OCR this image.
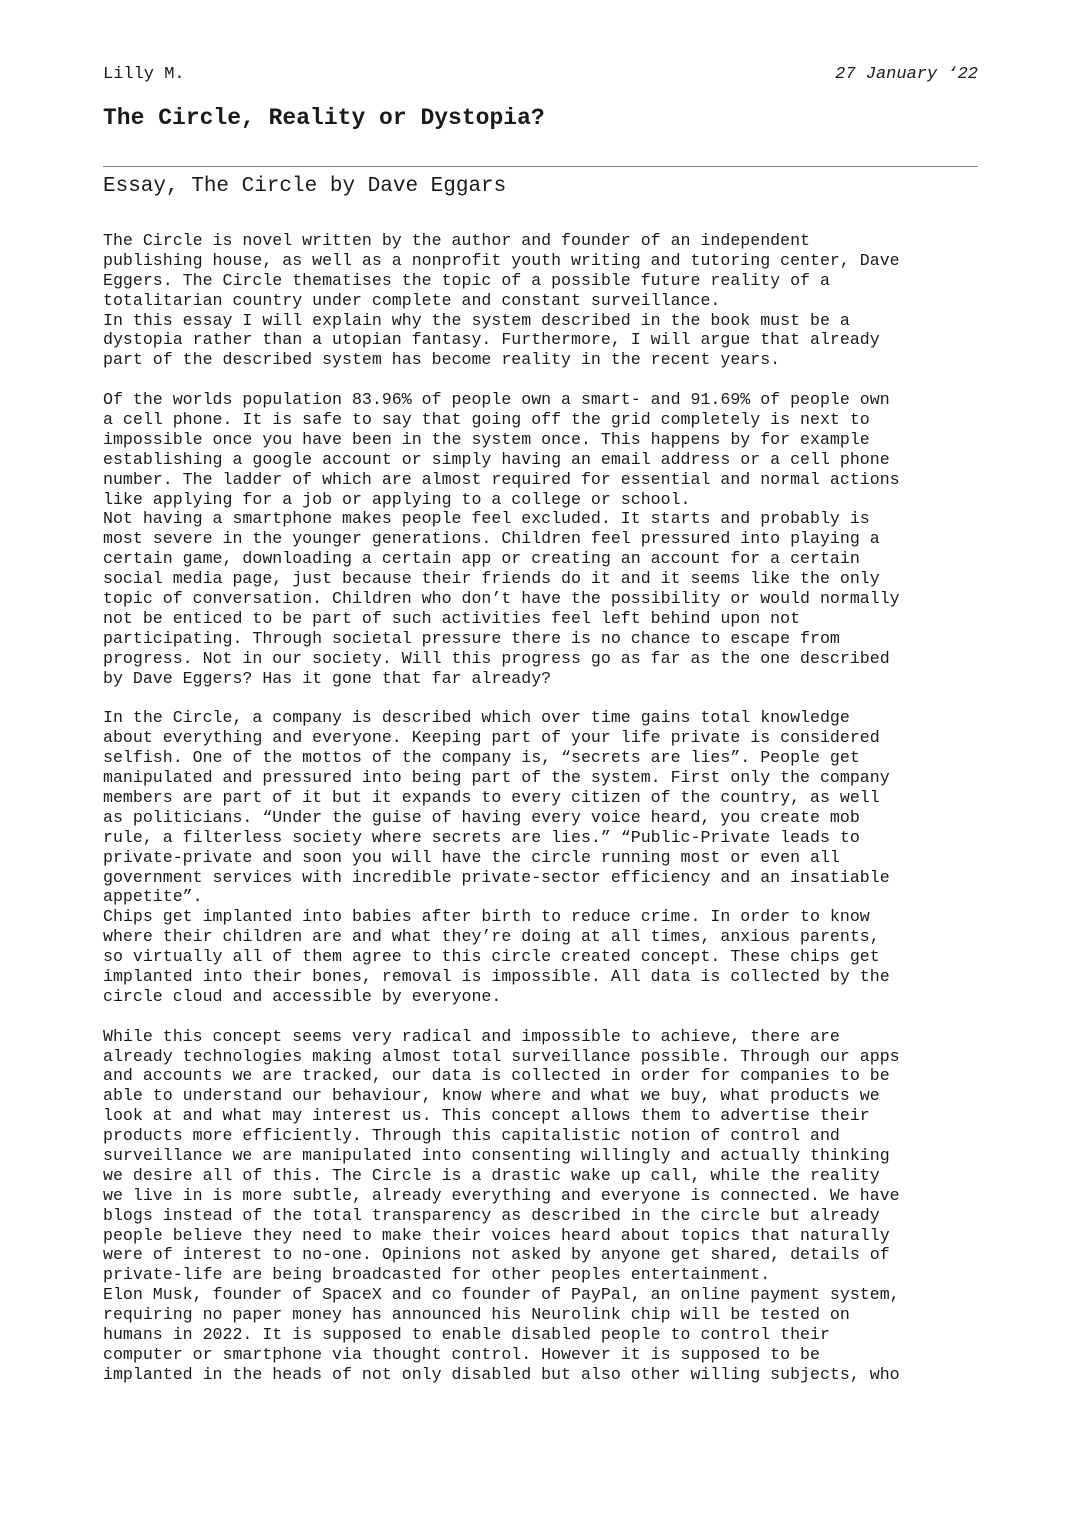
Lilly M.	27 January ‘22
The Circle, Reality or Dystopia?
Essay, The Circle by Dave Eggars
The Circle is novel written by the author and founder of an independent
publishing house, as well as a nonprofit youth writing and tutoring center, Dave
Eggers. The Circle thematises the topic of a possible future reality of a
totalitarian country under complete and constant surveillance.
In this essay I will explain why the system described in the book must be a
dystopia rather than a utopian fantasy. Furthermore, I will argue that already
part of the described system has become reality in the recent years.
Of the worlds population 83.96% of people own a smart- and 91.69% of people own
a cell phone. It is safe to say that going off the grid completely is next to
impossible once you have been in the system once. This happens by for example
establishing a google account or simply having an email address or a cell phone
number. The ladder of which are almost required for essential and normal actions
like applying for a job or applying to a college or school.
Not having a smartphone makes people feel excluded. It starts and probably is
most severe in the younger generations. Children feel pressured into playing a
certain game, downloading a certain app or creating an account for a certain
social media page, just because their friends do it and it seems like the only
topic of conversation. Children who don’t have the possibility or would normally
not be enticed to be part of such activities feel left behind upon not
participating. Through societal pressure there is no chance to escape from
progress. Not in our society. Will this progress go as far as the one described
by Dave Eggers? Has it gone that far already?
In the Circle, a company is described which over time gains total knowledge
about everything and everyone. Keeping part of your life private is considered
selfish. One of the mottos of the company is, “secrets are lies”. People get
manipulated and pressured into being part of the system. First only the company
members are part of it but it expands to every citizen of the country, as well
as politicians. “Under the guise of having every voice heard, you create mob
rule, a filterless society where secrets are lies.” “Public-Private leads to
private-private and soon you will have the circle running most or even all
government services with incredible private-sector efficiency and an insatiable
appetite”.
Chips get implanted into babies after birth to reduce crime. In order to know
where their children are and what they’re doing at all times, anxious parents,
so virtually all of them agree to this circle created concept. These chips get
implanted into their bones, removal is impossible. All data is collected by the
circle cloud and accessible by everyone.
While this concept seems very radical and impossible to achieve, there are
already technologies making almost total surveillance possible. Through our apps
and accounts we are tracked, our data is collected in order for companies to be
able to understand our behaviour, know where and what we buy, what products we
look at and what may interest us. This concept allows them to advertise their
products more efficiently. Through this capitalistic notion of control and
surveillance we are manipulated into consenting willingly and actually thinking
we desire all of this. The Circle is a drastic wake up call, while the reality
we live in is more subtle, already everything and everyone is connected. We have
blogs instead of the total transparency as described in the circle but already
people believe they need to make their voices heard about topics that naturally
were of interest to no-one. Opinions not asked by anyone get shared, details of
private-life are being broadcasted for other peoples entertainment.
Elon Musk, founder of SpaceX and co founder of PayPal, an online payment system,
requiring no paper money has announced his Neurolink chip will be tested on
humans in 2022. It is supposed to enable disabled people to control their
computer or smartphone via thought control. However it is supposed to be
implanted in the heads of not only disabled but also other willing subjects, who
